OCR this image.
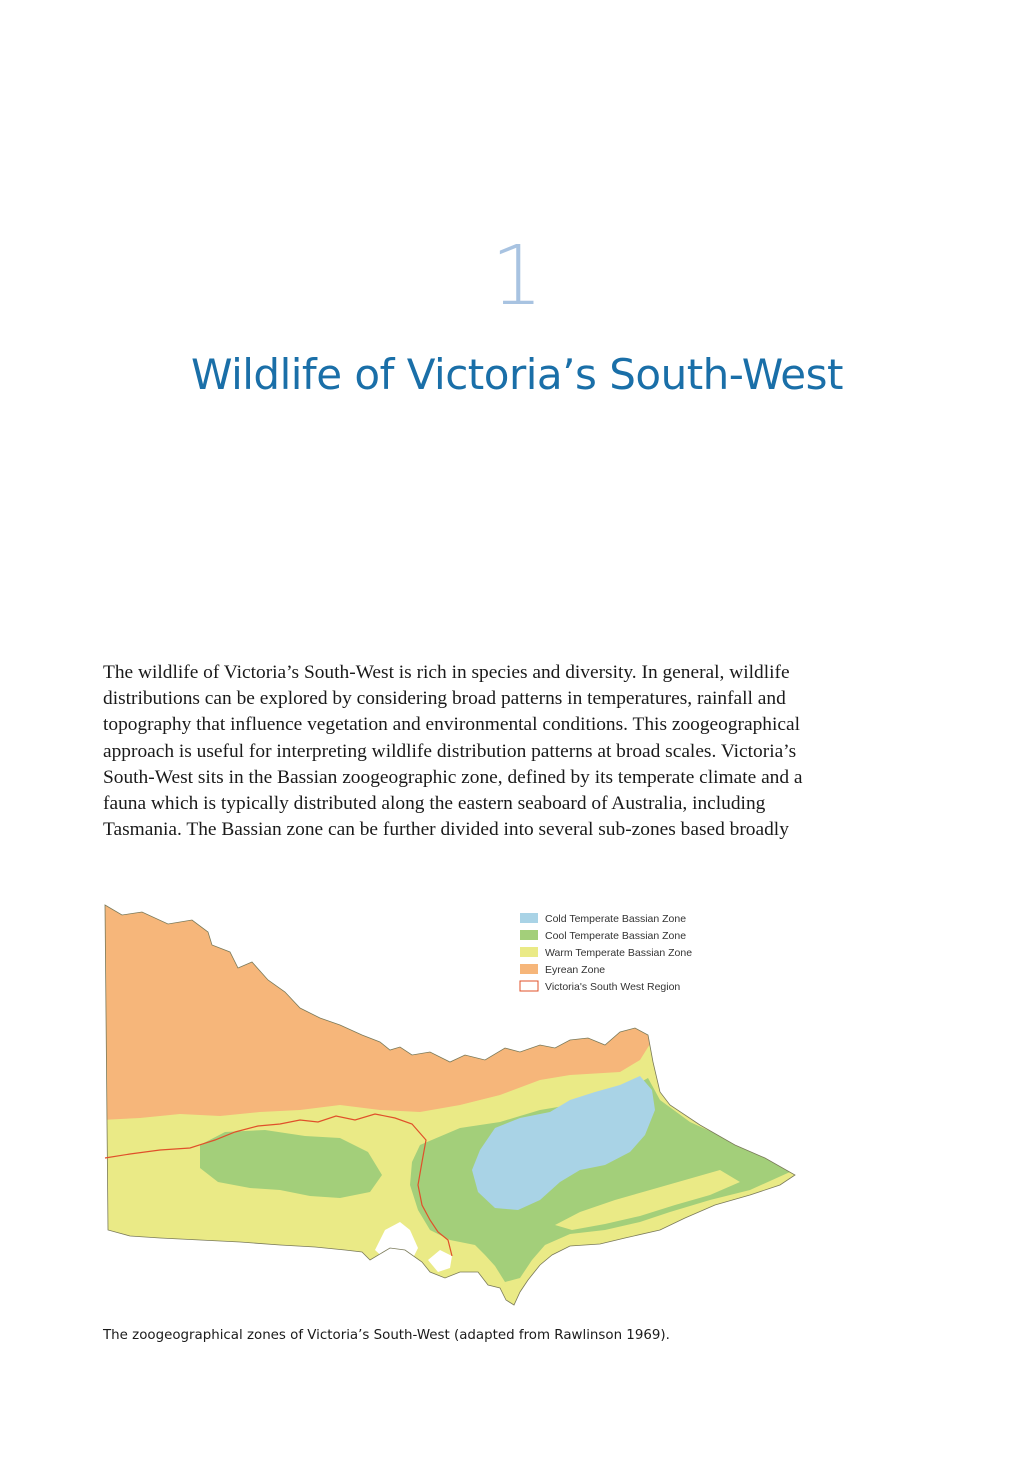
1
Wildlife of Victoria’s South-West
The wildlife of Victoria’s South-West is rich in species and diversity. In general, wildlife
distributions can be explored by considering broad patterns in temperatures, rainfall and
topography that influence vegetation and environmental conditions. This zoogeographical
approach is useful for interpreting wildlife distribution patterns at broad scales. Victoria’s
South-West sits in the Bassian zoogeographic zone, defined by its temperate climate and a
fauna which is typically distributed along the eastern seaboard of Australia, including
Tasmania. The Bassian zone can be further divided into several sub-zones based broadly
Cold Temperate Bassian Zone
Cool Temperate Bassian Zone
Warm Temperate Bassian Zone
Eyrean Zone
Victoria's South West Region
The zoogeographical zones of Victoria’s South-West (adapted from Rawlinson 1969).
